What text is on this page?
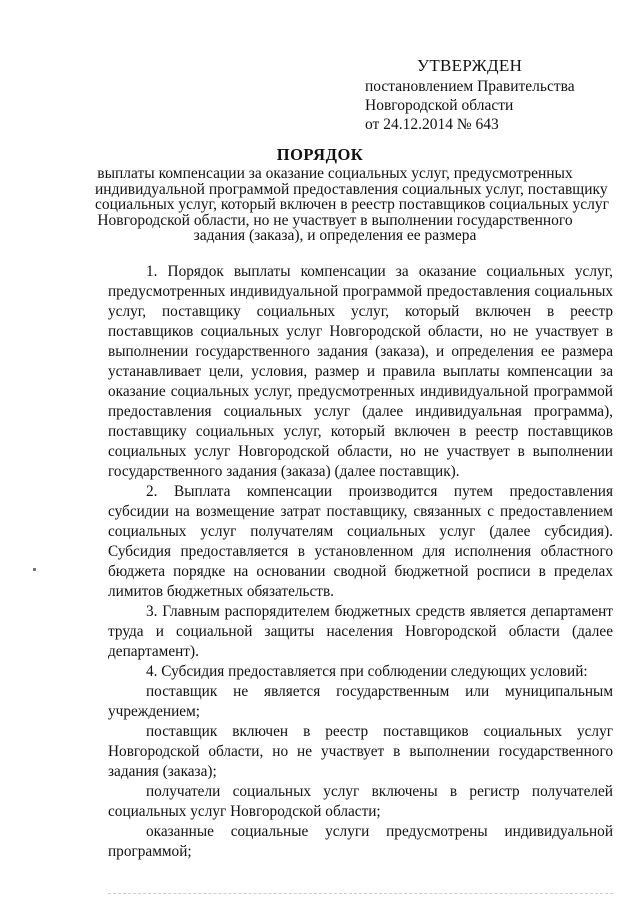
УТВЕРЖДЕН
постановлением Правительства
Новгородской области
от 24.12.2014 № 643
ПОРЯДОК
выплаты компенсации за оказание социальных услуг, предусмотренных
индивидуальной программой предоставления социальных услуг, поставщику
социальных услуг, который включен в реестр поставщиков социальных услуг
Новгородской области, но не участвует в выполнении государственного
задания (заказа), и определения ее размера

1. Порядок выплаты компенсации за оказание социальных услуг, предусмотренных индивидуальной программой предоставления социальных услуг, поставщику социальных услуг, который включен в реестр поставщиков социальных услуг Новгородской области, но не участвует в выполнении государственного задания (заказа), и определения ее размера устанавливает цели, условия, размер и правила выплаты компенсации за оказание социальных услуг, предусмотренных индивидуальной программой предоставления социальных услуг (далее индивидуальная программа), поставщику социальных услуг, который включен в реестр поставщиков социальных услуг Новгородской области, но не участвует в выполнении государственного задания (заказа) (далее поставщик).

2. Выплата компенсации производится путем предоставления субсидии на возмещение затрат поставщику, связанных с предоставлением социальных услуг получателям социальных услуг (далее субсидия). Субсидия предоставляется в установленном для исполнения областного бюджета порядке на основании сводной бюджетной росписи в пределах лимитов бюджетных обязательств.

3. Главным распорядителем бюджетных средств является департамент труда и социальной защиты населения Новгородской области (далее департамент).

4. Субсидия предоставляется при соблюдении следующих условий:

поставщик не является государственным или муниципальным учреждением;

поставщик включен в реестр поставщиков социальных услуг Новгородской области, но не участвует в выполнении государственного задания (заказа);

получатели социальных услуг включены в регистр получателей социальных услуг Новгородской области;

оказанные социальные услуги предусмотрены индивидуальной программой;
